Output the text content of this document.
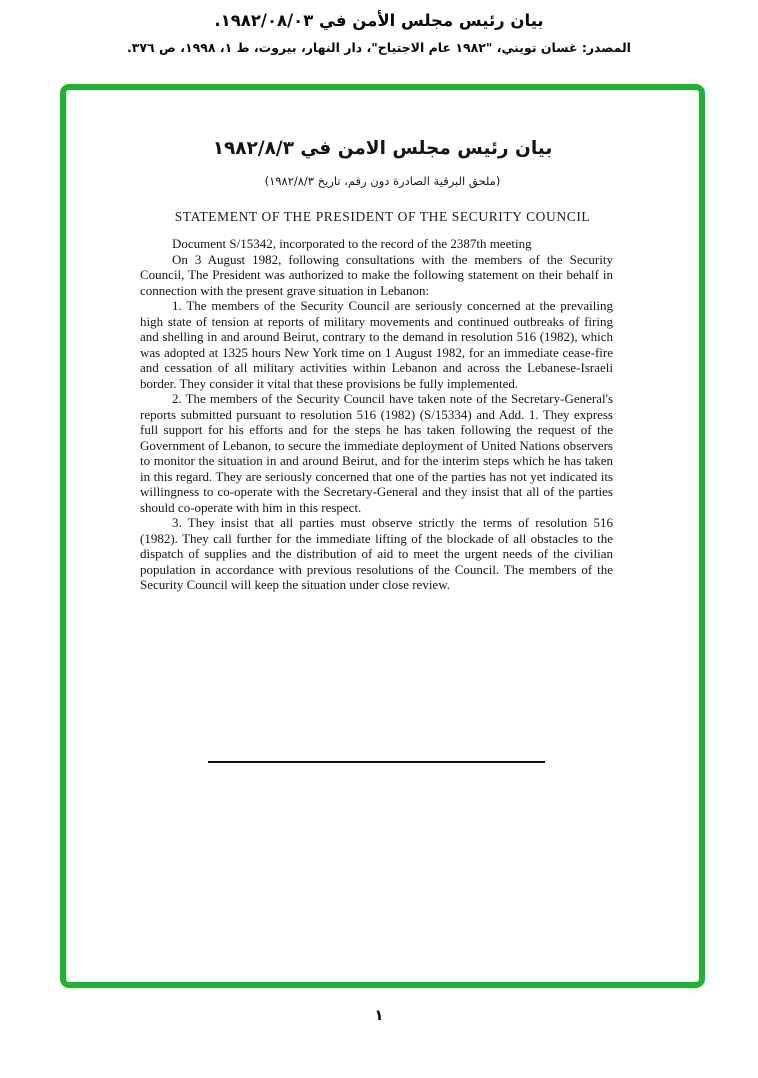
بيان رئيس مجلس الأمن في ١٩٨٢/٠٨/٠٣.
المصدر: غسان تويني، "١٩٨٢ عام الاجتياح"، دار النهار، بيروت، ط ١، ١٩٩٨، ص ٣٧٦.
بيان رئيس مجلس الامن في ١٩٨٢/٨/٣
(ملحق البرقية الصادرة دون رقم، تاريخ ١٩٨٢/٨/٣)
STATEMENT OF THE PRESIDENT OF THE SECURITY COUNCIL

Document S/15342, incorporated to the record of the 2387th meeting

On 3 August 1982, following consultations with the members of the Security Council, The President was authorized to make the following statement on their behalf in connection with the present grave situation in Lebanon:

1. The members of the Security Council are seriously concerned at the prevailing high state of tension at reports of military movements and continued outbreaks of firing and shelling in and around Beirut, contrary to the demand in resolution 516 (1982), which was adopted at 1325 hours New York time on 1 August 1982, for an immediate cease-fire and cessation of all military activities within Lebanon and across the Lebanese-Israeli border. They consider it vital that these provisions be fully implemented.

2. The members of the Security Council have taken note of the Secretary-General's reports submitted pursuant to resolution 516 (1982) (S/15334) and Add. 1. They express full support for his efforts and for the steps he has taken following the request of the Government of Lebanon, to secure the immediate deployment of United Nations observers to monitor the situation in and around Beirut, and for the interim steps which he has taken in this regard. They are seriously concerned that one of the parties has not yet indicated its willingness to co-operate with the Secretary-General and they insist that all of the parties should co-operate with him in this respect.

3. They insist that all parties must observe strictly the terms of resolution 516 (1982). They call further for the immediate lifting of the blockade of all obstacles to the dispatch of supplies and the distribution of aid to meet the urgent needs of the civilian population in accordance with previous resolutions of the Council. The members of the Security Council will keep the situation under close review.

١
